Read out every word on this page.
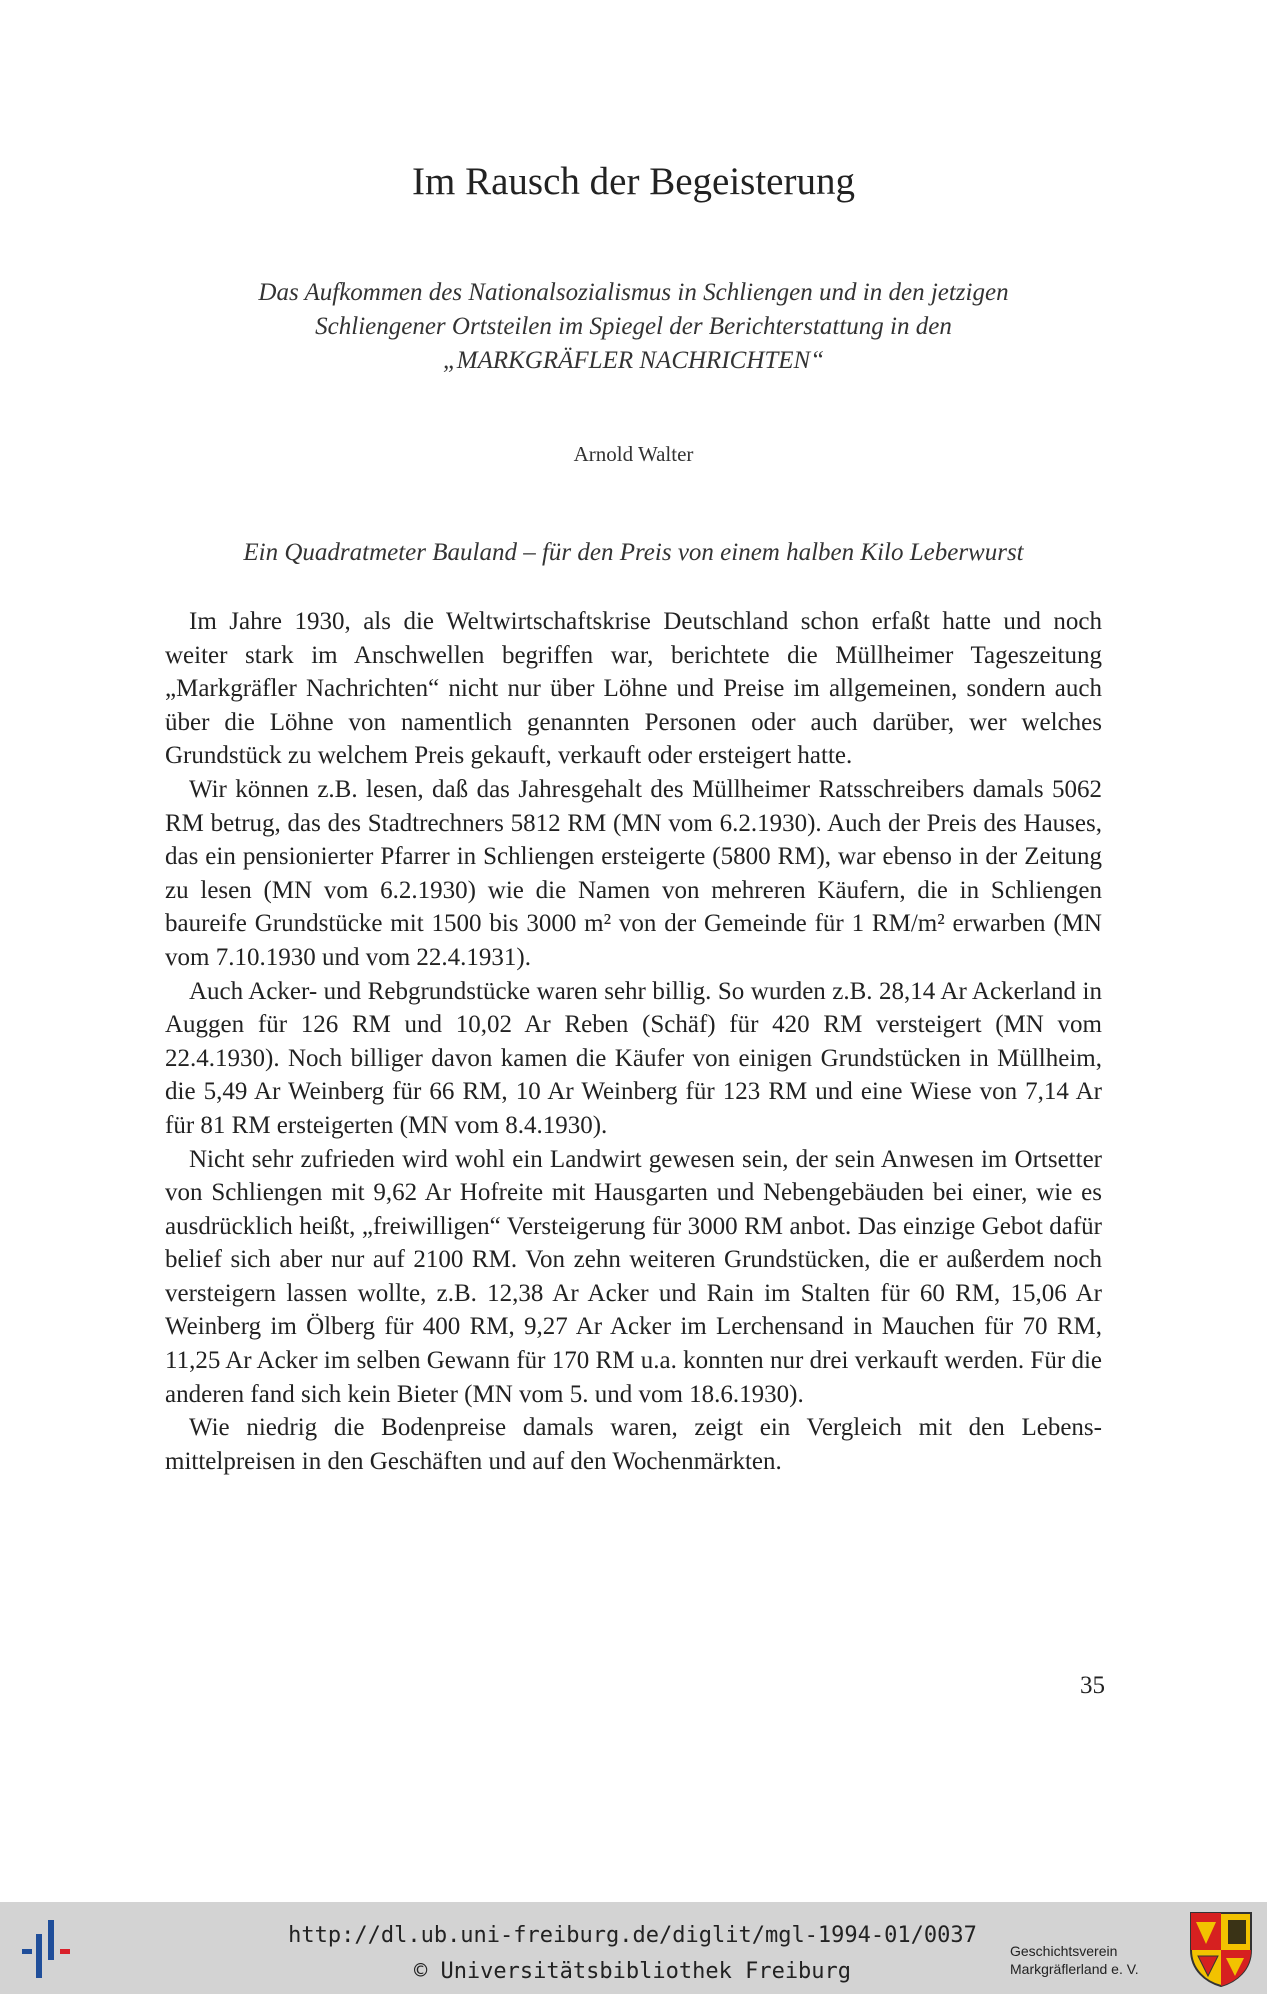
Im Rausch der Begeisterung
Das Aufkommen des Nationalsozialismus in Schliengen und in den jetzigen
Schliengener Ortsteilen im Spiegel der Berichterstattung in den
„MARKGRÄFLER NACHRICHTEN“
Arnold Walter
Ein Quadratmeter Bauland – für den Preis von einem halben Kilo Leberwurst

Im Jahre 1930, als die Weltwirtschaftskrise Deutschland schon erfaßt hatte und noch weiter stark im Anschwellen begriffen war, berichtete die Müllheimer Tageszeitung „Markgräfler Nachrichten“ nicht nur über Löhne und Preise im allgemeinen, sondern auch über die Löhne von namentlich genannten Personen oder auch darüber, wer welches Grundstück zu welchem Preis gekauft, verkauft oder ersteigert hatte.

Wir können z.B. lesen, daß das Jahresgehalt des Müllheimer Ratsschreibers damals 5062 RM betrug, das des Stadtrechners 5812 RM (MN vom 6.2.1930). Auch der Preis des Hauses, das ein pensionierter Pfarrer in Schliengen ersteigerte (5800 RM), war ebenso in der Zeitung zu lesen (MN vom 6.2.1930) wie die Namen von mehreren Käufern, die in Schliengen baureife Grundstücke mit 1500 bis 3000 m² von der Gemeinde für 1 RM/m² erwarben (MN vom 7.10.1930 und vom 22.4.1931).

Auch Acker- und Rebgrundstücke waren sehr billig. So wurden z.B. 28,14 Ar Ackerland in Auggen für 126 RM und 10,02 Ar Reben (Schäf) für 420 RM versteigert (MN vom 22.4.1930). Noch billiger davon kamen die Käufer von einigen Grundstücken in Müllheim, die 5,49 Ar Weinberg für 66 RM, 10 Ar Weinberg für 123 RM und eine Wiese von 7,14 Ar für 81 RM ersteigerten (MN vom 8.4.1930).

Nicht sehr zufrieden wird wohl ein Landwirt gewesen sein, der sein Anwesen im Ortsetter von Schliengen mit 9,62 Ar Hofreite mit Hausgarten und Nebengebäuden bei einer, wie es ausdrücklich heißt, „freiwilligen“ Versteigerung für 3000 RM anbot. Das einzige Gebot dafür belief sich aber nur auf 2100 RM. Von zehn weiteren Grundstücken, die er außerdem noch versteigern lassen wollte, z.B. 12,38 Ar Acker und Rain im Stalten für 60 RM, 15,06 Ar Weinberg im Ölberg für 400 RM, 9,27 Ar Acker im Lerchensand in Mauchen für 70 RM, 11,25 Ar Acker im selben Gewann für 170 RM u.a. konnten nur drei verkauft werden. Für die anderen fand sich kein Bieter (MN vom 5. und vom 18.6.1930).

Wie niedrig die Bodenpreise damals waren, zeigt ein Vergleich mit den Lebensmittelpreisen in den Geschäften und auf den Wochenmärkten.

35
http://dl.ub.uni-freiburg.de/diglit/mgl-1994-01/0037
© Universitätsbibliothek Freiburg
Geschichtsverein
Markgräflerland e. V.
